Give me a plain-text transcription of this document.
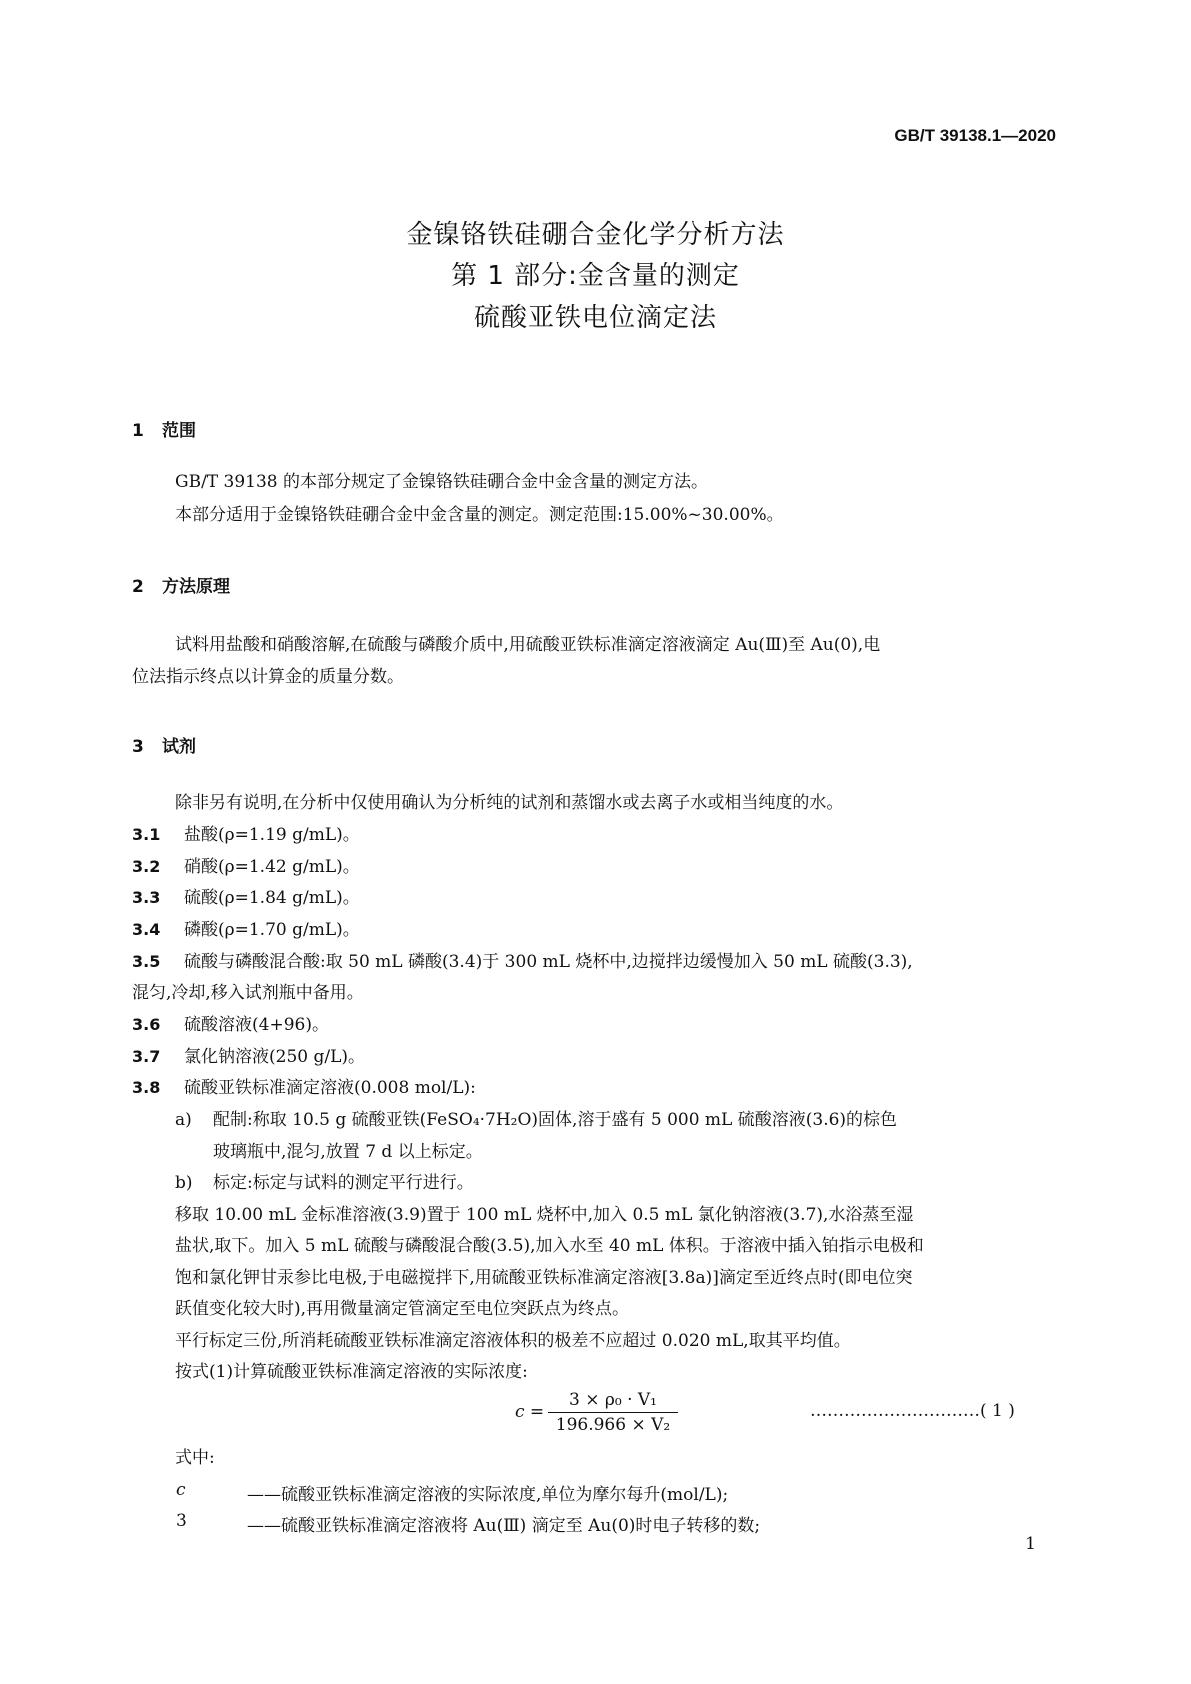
GB/T 39138.1—2020
金镍铬铁硅硼合金化学分析方法
第 1 部分:金含量的测定
硫酸亚铁电位滴定法
1 范围
GB/T 39138 的本部分规定了金镍铬铁硅硼合金中金含量的测定方法。
本部分适用于金镍铬铁硅硼合金中金含量的测定。测定范围:15.00%~30.00%。
2 方法原理
试料用盐酸和硝酸溶解,在硫酸与磷酸介质中,用硫酸亚铁标准滴定溶液滴定 Au(Ⅲ)至 Au(0),电
位法指示终点以计算金的质量分数。
3 试剂
除非另有说明,在分析中仅使用确认为分析纯的试剂和蒸馏水或去离子水或相当纯度的水。
3.1 盐酸(ρ=1.19 g/mL)。
3.2 硝酸(ρ=1.42 g/mL)。
3.3 硫酸(ρ=1.84 g/mL)。
3.4 磷酸(ρ=1.70 g/mL)。
3.5 硫酸与磷酸混合酸:取 50 mL 磷酸(3.4)于 300 mL 烧杯中,边搅拌边缓慢加入 50 mL 硫酸(3.3),
混匀,冷却,移入试剂瓶中备用。
3.6 硫酸溶液(4+96)。
3.7 氯化钠溶液(250 g/L)。
3.8 硫酸亚铁标准滴定溶液(0.008 mol/L):
a) 配制:称取 10.5 g 硫酸亚铁(FeSO₄·7H₂O)固体,溶于盛有 5 000 mL 硫酸溶液(3.6)的棕色
玻璃瓶中,混匀,放置 7 d 以上标定。
b) 标定:标定与试料的测定平行进行。
移取 10.00 mL 金标准溶液(3.9)置于 100 mL 烧杯中,加入 0.5 mL 氯化钠溶液(3.7),水浴蒸至湿
盐状,取下。加入 5 mL 硫酸与磷酸混合酸(3.5),加入水至 40 mL 体积。于溶液中插入铂指示电极和
饱和氯化钾甘汞参比电极,于电磁搅拌下,用硫酸亚铁标准滴定溶液[3.8a)]滴定至近终点时(即电位突
跃值变化较大时),再用微量滴定管滴定至电位突跃点为终点。
平行标定三份,所消耗硫酸亚铁标准滴定溶液体积的极差不应超过 0.020 mL,取其平均值。
按式(1)计算硫酸亚铁标准滴定溶液的实际浓度:
$c = \frac{\text{3 × ρ₀ · V₁}}{\text{196.966 × V₂}}$	…………………………( 1 )
式中:
c	——硫酸亚铁标准滴定溶液的实际浓度,单位为摩尔每升(mol/L);
3	——硫酸亚铁标准滴定溶液将 Au(Ⅲ) 滴定至 Au(0)时电子转移的数;
1
